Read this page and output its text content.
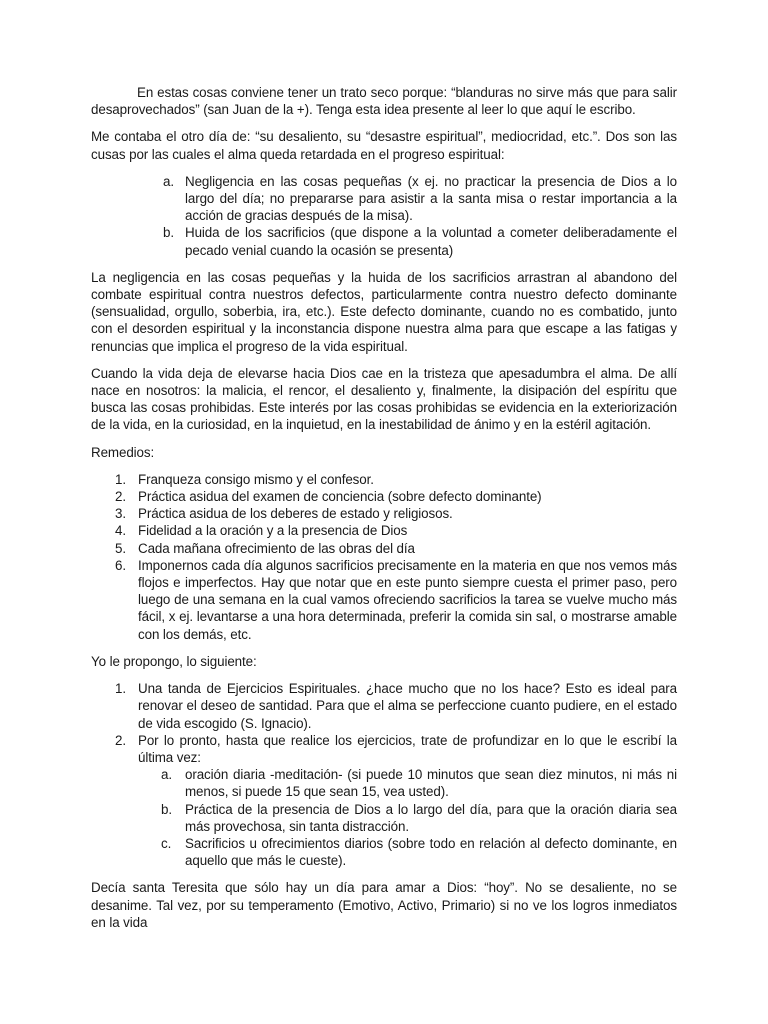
En estas cosas conviene tener un trato seco porque: “blanduras no sirve más que para salir desaprovechados” (san Juan de la +). Tenga esta idea presente al leer lo que aquí le escribo.

Me contaba el otro día de: “su desaliento, su “desastre espiritual”, mediocridad, etc.”. Dos son las cusas por las cuales el alma queda retardada en el progreso espiritual:

a. Negligencia en las cosas pequeñas (x ej. no practicar la presencia de Dios a lo largo del día; no prepararse para asistir a la santa misa o restar importancia a la acción de gracias después de la misa).
b. Huida de los sacrificios (que dispone a la voluntad a cometer deliberadamente el pecado venial cuando la ocasión se presenta)

La negligencia en las cosas pequeñas y la huida de los sacrificios arrastran al abandono del combate espiritual contra nuestros defectos, particularmente contra nuestro defecto dominante (sensualidad, orgullo, soberbia, ira, etc.). Este defecto dominante, cuando no es combatido, junto con el desorden espiritual y la inconstancia dispone nuestra alma para que escape a las fatigas y renuncias que implica el progreso de la vida espiritual.

Cuando la vida deja de elevarse hacia Dios cae en la tristeza que apesadumbra el alma. De allí nace en nosotros: la malicia, el rencor, el desaliento y, finalmente, la disipación del espíritu que busca las cosas prohibidas. Este interés por las cosas prohibidas se evidencia en la exteriorización de la vida, en la curiosidad, en la inquietud, en la inestabilidad de ánimo y en la estéril agitación.

Remedios:

1. Franqueza consigo mismo y el confesor.
2. Práctica asidua del examen de conciencia (sobre defecto dominante)
3. Práctica asidua de los deberes de estado y religiosos.
4. Fidelidad a la oración y a la presencia de Dios
5. Cada mañana ofrecimiento de las obras del día
6. Imponernos cada día algunos sacrificios precisamente en la materia en que nos vemos más flojos e imperfectos. Hay que notar que en este punto siempre cuesta el primer paso, pero luego de una semana en la cual vamos ofreciendo sacrificios la tarea se vuelve mucho más fácil, x ej. levantarse a una hora determinada, preferir la comida sin sal, o mostrarse amable con los demás, etc.

Yo le propongo, lo siguiente:

1. Una tanda de Ejercicios Espirituales. ¿hace mucho que no los hace? Esto es ideal para renovar el deseo de santidad. Para que el alma se perfeccione cuanto pudiere, en el estado de vida escogido (S. Ignacio).
2. Por lo pronto, hasta que realice los ejercicios, trate de profundizar en lo que le escribí la última vez:
a. oración diaria -meditación- (si puede 10 minutos que sean diez minutos, ni más ni menos, si puede 15 que sean 15, vea usted).
b. Práctica de la presencia de Dios a lo largo del día, para que la oración diaria sea más provechosa, sin tanta distracción.
c.	Sacrificios u ofrecimientos diarios (sobre todo en relación al defecto dominante, en aquello que más le cueste).

Decía santa Teresita que sólo hay un día para amar a Dios: “hoy”. No se desaliente, no se desanime. Tal vez, por su temperamento (Emotivo, Activo, Primario) si no ve los logros inmediatos en la vida
